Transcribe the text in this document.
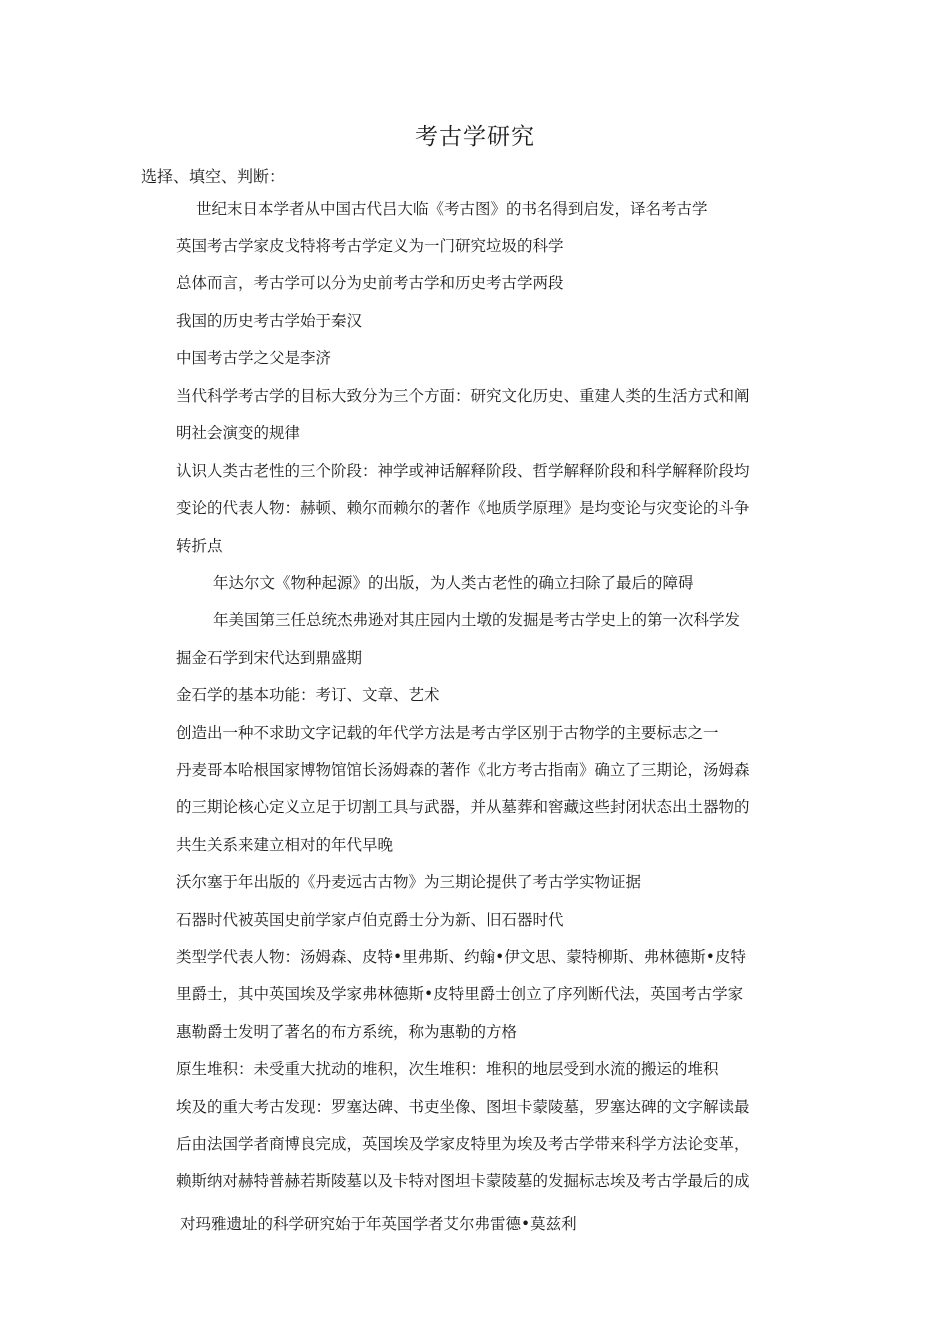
考古学研究
选择、填空、判断：
世纪末日本学者从中国古代吕大临《考古图》的书名得到启发，译名考古学
英国考古学家皮戈特将考古学定义为一门研究垃圾的科学
总体而言，考古学可以分为史前考古学和历史考古学两段
我国的历史考古学始于秦汉
中国考古学之父是李济
当代科学考古学的目标大致分为三个方面：研究文化历史、重建人类的生活方式和阐
明社会演变的规律
认识人类古老性的三个阶段：神学或神话解释阶段、哲学解释阶段和科学解释阶段均
变论的代表人物：赫顿、赖尔而赖尔的著作《地质学原理》是均变论与灾变论的斗争
转折点
年达尔文《物种起源》的出版，为人类古老性的确立扫除了最后的障碍
年美国第三任总统杰弗逊对其庄园内土墩的发掘是考古学史上的第一次科学发
掘金石学到宋代达到鼎盛期
金石学的基本功能：考订、文章、艺术
创造出一种不求助文字记载的年代学方法是考古学区别于古物学的主要标志之一
丹麦哥本哈根国家博物馆馆长汤姆森的著作《北方考古指南》确立了三期论，汤姆森
的三期论核心定义立足于切割工具与武器，并从墓葬和窖藏这些封闭状态出土器物的
共生关系来建立相对的年代早晚
沃尔塞于年出版的《丹麦远古古物》为三期论提供了考古学实物证据
石器时代被英国史前学家卢伯克爵士分为新、旧石器时代
类型学代表人物：汤姆森、皮特•里弗斯、约翰•伊文思、蒙特柳斯、弗林德斯•皮特
里爵士，其中英国埃及学家弗林德斯•皮特里爵士创立了序列断代法，英国考古学家
惠勒爵士发明了著名的布方系统，称为惠勒的方格
原生堆积：未受重大扰动的堆积，次生堆积：堆积的地层受到水流的搬运的堆积
埃及的重大考古发现：罗塞达碑、书吏坐像、图坦卡蒙陵墓，罗塞达碑的文字解读最
后由法国学者商博良完成，英国埃及学家皮特里为埃及考古学带来科学方法论变革，
赖斯纳对赫特普赫若斯陵墓以及卡特对图坦卡蒙陵墓的发掘标志埃及考古学最后的成
对玛雅遗址的科学研究始于年英国学者艾尔弗雷德•莫兹利
